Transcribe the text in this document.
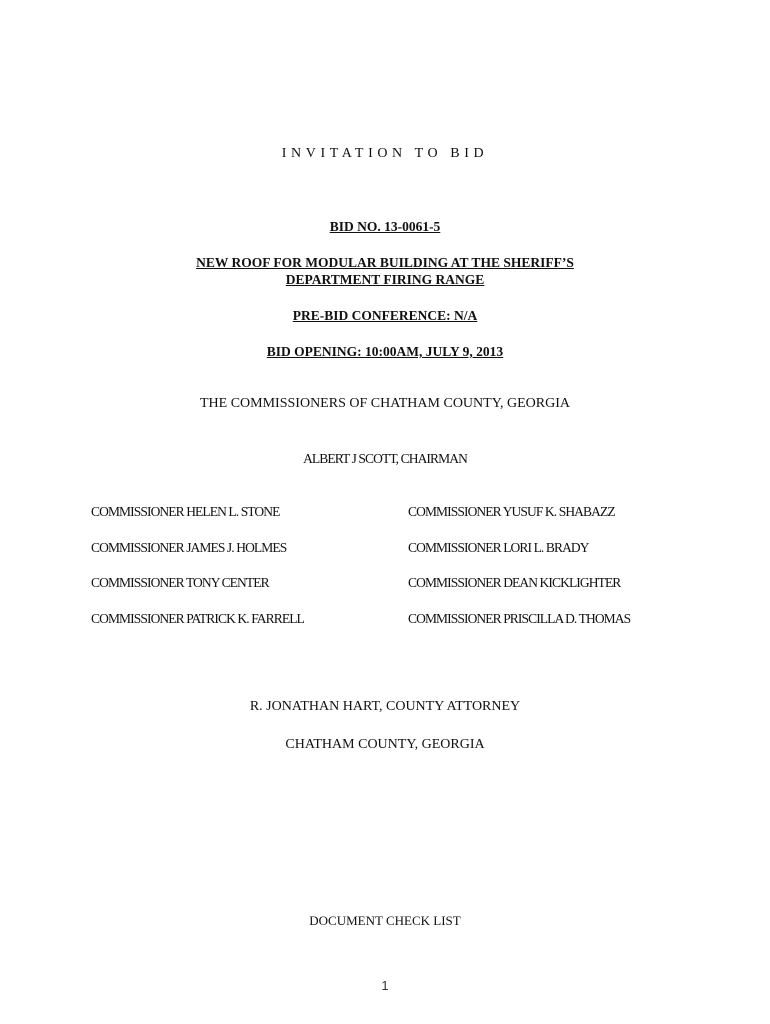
INVITATION TO BID
BID NO. 13-0061-5
NEW ROOF FOR MODULAR BUILDING AT THE SHERIFF’S
DEPARTMENT FIRING RANGE
PRE-BID CONFERENCE: N/A
BID OPENING: 10:00AM, JULY 9, 2013
THE COMMISSIONERS OF CHATHAM COUNTY, GEORGIA
ALBERT J SCOTT, CHAIRMAN
COMMISSIONER HELEN L. STONE	COMMISSIONER YUSUF K. SHABAZZ
COMMISSIONER JAMES J. HOLMES	COMMISSIONER LORI L. BRADY
COMMISSIONER TONY CENTER	COMMISSIONER DEAN KICKLIGHTER
COMMISSIONER PATRICK K. FARRELL	COMMISSIONER PRISCILLA D. THOMAS
R. JONATHAN HART, COUNTY ATTORNEY
CHATHAM COUNTY, GEORGIA
DOCUMENT CHECK LIST
1
